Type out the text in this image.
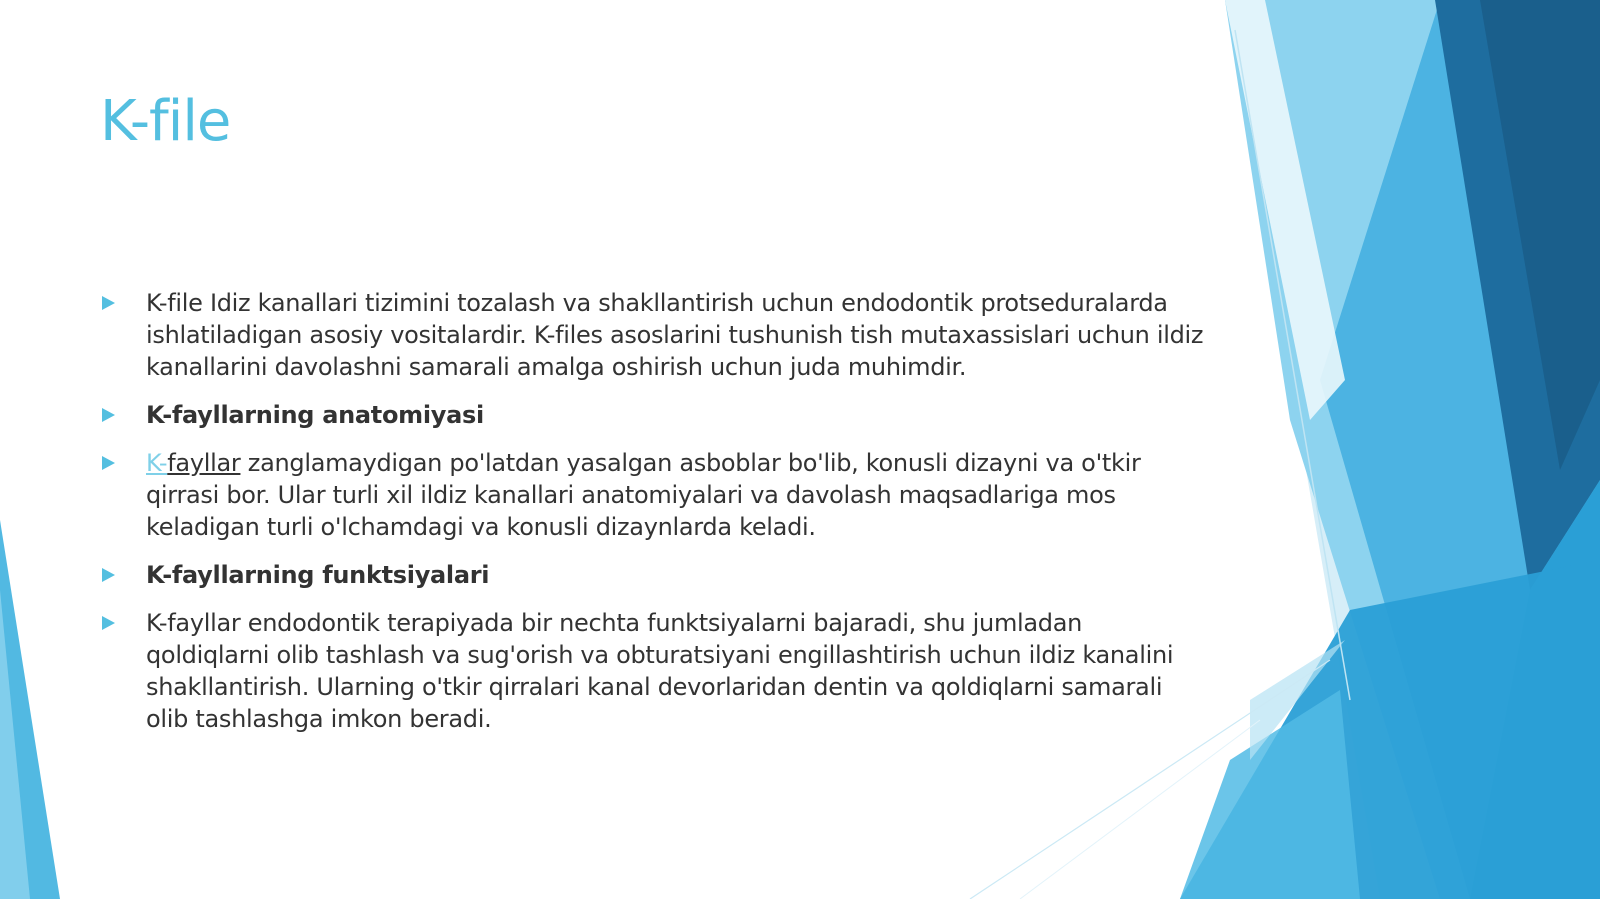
K-file
K-file Idiz kanallari tizimini tozalash va shakllantirish uchun endodontik protseduralarda ishlatiladigan asosiy vositalardir. K-files asoslarini tushunish tish mutaxassislari uchun ildiz kanallarini davolashni samarali amalga oshirish uchun juda muhimdir.
K-fayllarning anatomiyasi
K-fayllar zanglamaydigan po'latdan yasalgan asboblar bo'lib, konusli dizayni va o'tkir qirrasi bor. Ular turli xil ildiz kanallari anatomiyalari va davolash maqsadlariga mos keladigan turli o'lchamdagi va konusli dizaynlarda keladi.
K-fayllarning funktsiyalari
K-fayllar endodontik terapiyada bir nechta funktsiyalarni bajaradi, shu jumladan qoldiqlarni olib tashlash va sug'orish va obturatsiyani engillashtirish uchun ildiz kanalini shakllantirish. Ularning o'tkir qirralari kanal devorlaridan dentin va qoldiqlarni samarali olib tashlashga imkon beradi.
